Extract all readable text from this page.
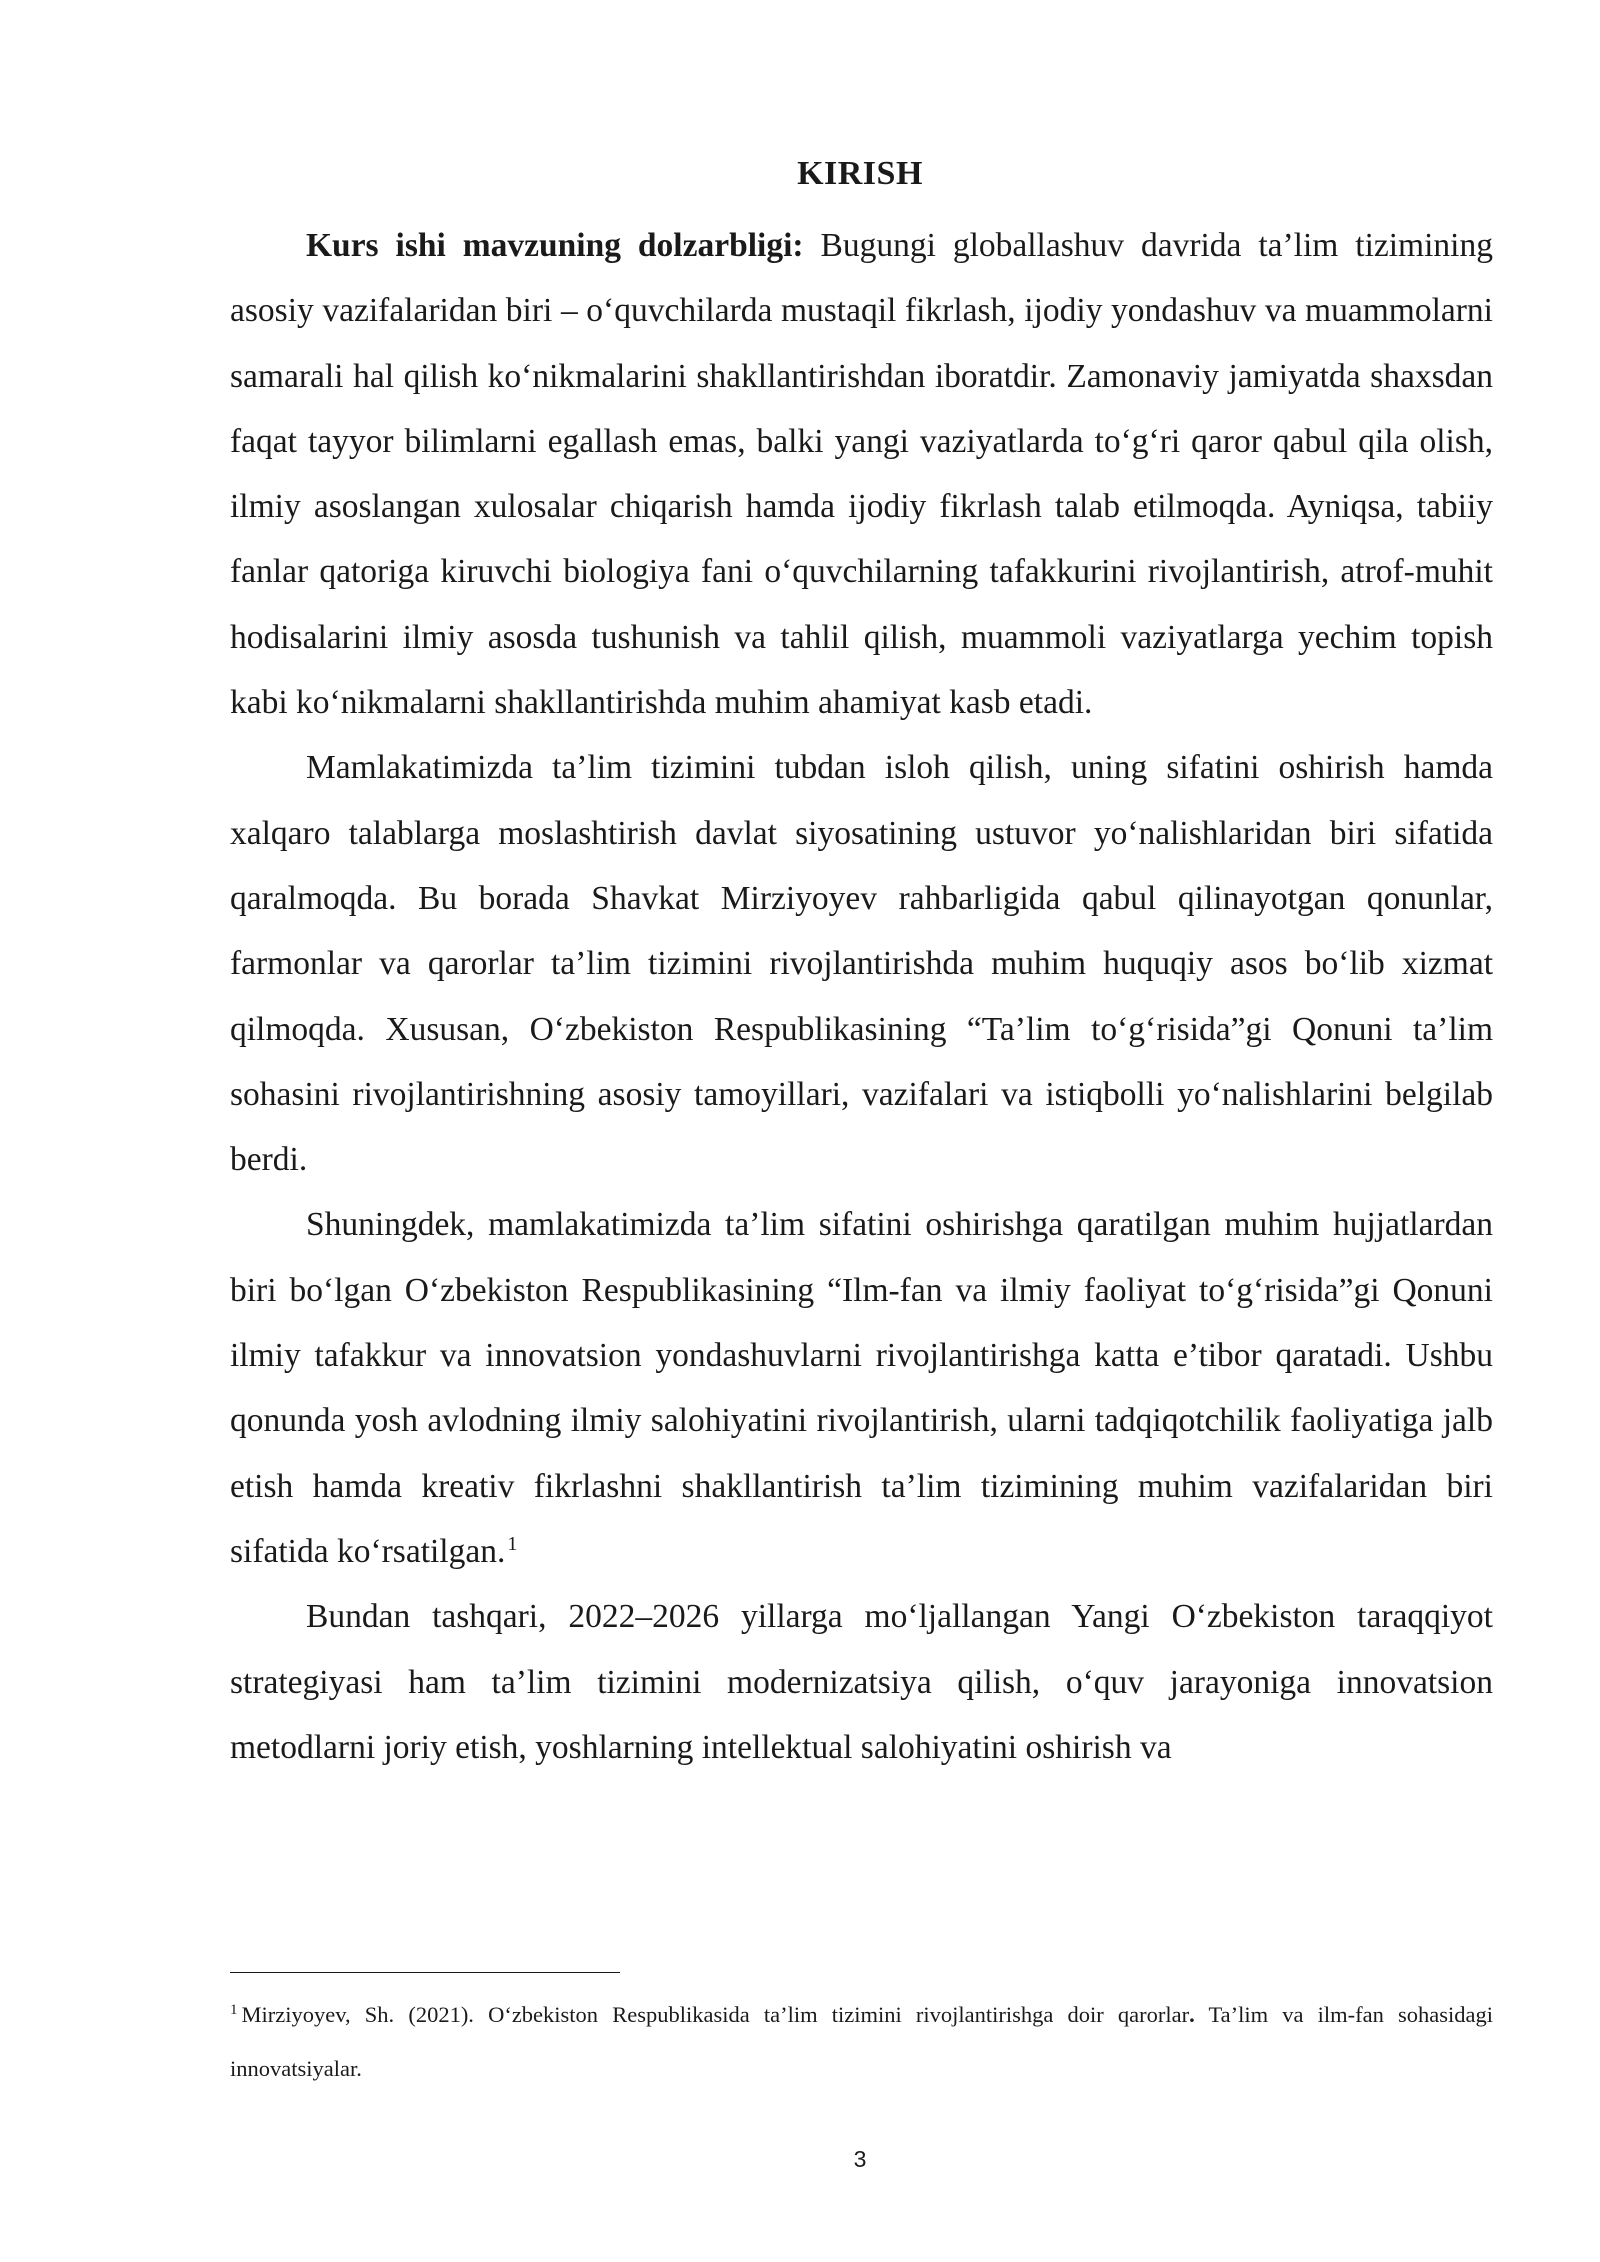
KIRISH

Kurs ishi mavzuning dolzarbligi: Bugungi globallashuv davrida ta’lim tizimining asosiy vazifalaridan biri – o‘quvchilarda mustaqil fikrlash, ijodiy yondashuv va muammolarni samarali hal qilish ko‘nikmalarini shakllantirishdan iboratdir. Zamonaviy jamiyatda shaxsdan faqat tayyor bilimlarni egallash emas, balki yangi vaziyatlarda to‘g‘ri qaror qabul qila olish, ilmiy asoslangan xulosalar chiqarish hamda ijodiy fikrlash talab etilmoqda. Ayniqsa, tabiiy fanlar qatoriga kiruvchi biologiya fani o‘quvchilarning tafakkurini rivojlantirish, atrof-muhit hodisalarini ilmiy asosda tushunish va tahlil qilish, muammoli vaziyatlarga yechim topish kabi ko‘nikmalarni shakllantirishda muhim ahamiyat kasb etadi.

Mamlakatimizda ta’lim tizimini tubdan isloh qilish, uning sifatini oshirish hamda xalqaro talablarga moslashtirish davlat siyosatining ustuvor yo‘nalishlaridan biri sifatida qaralmoqda. Bu borada Shavkat Mirziyoyev rahbarligida qabul qilinayotgan qonunlar, farmonlar va qarorlar ta’lim tizimini rivojlantirishda muhim huquqiy asos bo‘lib xizmat qilmoqda. Xususan, O‘zbekiston Respublikasining “Ta’lim to‘g‘risida”gi Qonuni ta’lim sohasini rivojlantirishning asosiy tamoyillari, vazifalari va istiqbolli yo‘nalishlarini belgilab berdi.

Shuningdek, mamlakatimizda ta’lim sifatini oshirishga qaratilgan muhim hujjatlardan biri bo‘lgan O‘zbekiston Respublikasining “Ilm-fan va ilmiy faoliyat to‘g‘risida”gi Qonuni ilmiy tafakkur va innovatsion yondashuvlarni rivojlantirishga katta e’tibor qaratadi. Ushbu qonunda yosh avlodning ilmiy salohiyatini rivojlantirish, ularni tadqiqotchilik faoliyatiga jalb etish hamda kreativ fikrlashni shakllantirish ta’lim tizimining muhim vazifalaridan biri sifatida ko‘rsatilgan. $^1$

Bundan tashqari, 2022–2026 yillarga mo‘ljallangan Yangi O‘zbekiston taraqqiyot strategiyasi ham ta’lim tizimini modernizatsiya qilish, o‘quv jarayoniga innovatsion metodlarni joriy etish, yoshlarning intellektual salohiyatini oshirish va

$^1$ Mirziyoyev, Sh. (2021). O‘zbekiston Respublikasida ta’lim tizimini rivojlantirishga doir qarorlar. Ta’lim va ilm-fan sohasidagi innovatsiyalar.
3
